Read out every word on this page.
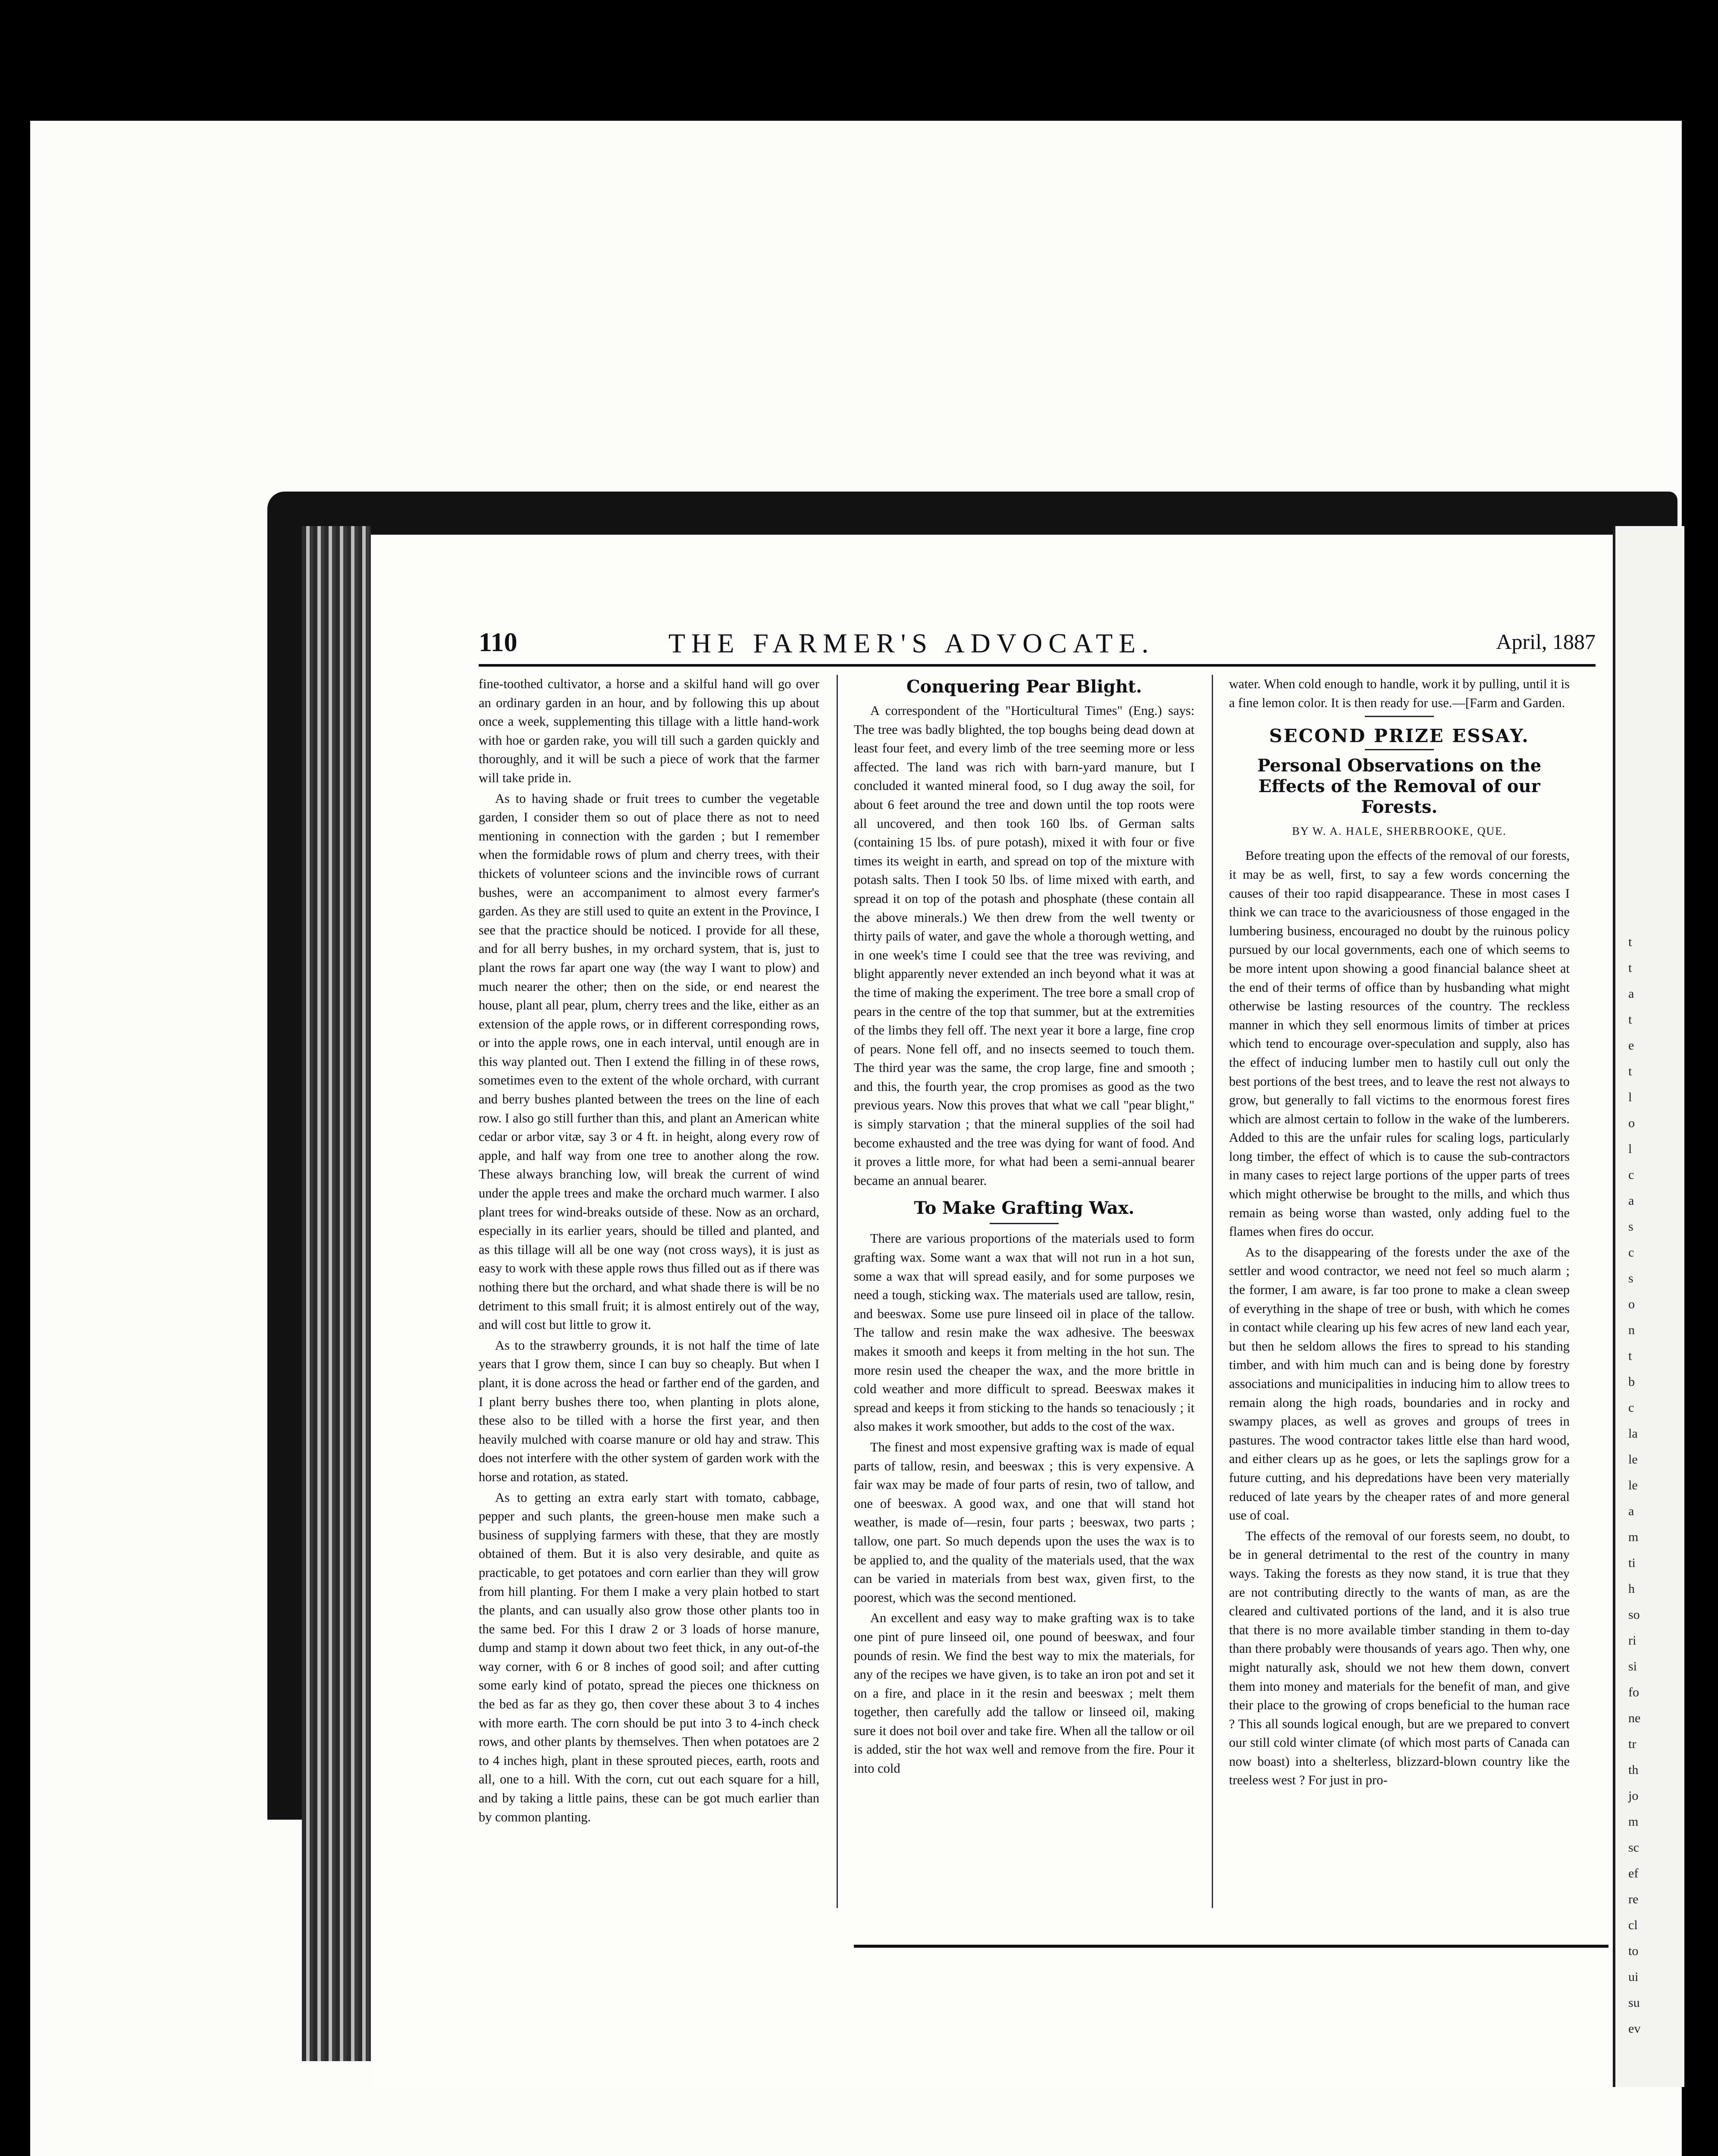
110	THE FARMER'S ADVOCATE.	April, 1887

fine-toothed cultivator, a horse and a skilful hand will go over an ordinary garden in an hour, and by following this up about once a week, supplementing this tillage with a little hand-work with hoe or garden rake, you will till such a garden quickly and thoroughly, and it will be such a piece of work that the farmer will take pride in.

As to having shade or fruit trees to cumber the vegetable garden, I consider them so out of place there as not to need mentioning in connection with the garden ; but I remember when the formidable rows of plum and cherry trees, with their thickets of volunteer scions and the invincible rows of currant bushes, were an accompaniment to almost every farmer's garden. As they are still used to quite an extent in the Province, I see that the practice should be noticed. I provide for all these, and for all berry bushes, in my orchard system, that is, just to plant the rows far apart one way (the way I want to plow) and much nearer the other; then on the side, or end nearest the house, plant all pear, plum, cherry trees and the like, either as an extension of the apple rows, or in different corresponding rows, or into the apple rows, one in each interval, until enough are in this way planted out. Then I extend the filling in of these rows, sometimes even to the extent of the whole orchard, with currant and berry bushes planted between the trees on the line of each row. I also go still further than this, and plant an American white cedar or arbor vitæ, say 3 or 4 ft. in height, along every row of apple, and half way from one tree to another along the row. These always branching low, will break the current of wind under the apple trees and make the orchard much warmer. I also plant trees for wind-breaks outside of these. Now as an orchard, especially in its earlier years, should be tilled and planted, and as this tillage will all be one way (not cross ways), it is just as easy to work with these apple rows thus filled out as if there was nothing there but the orchard, and what shade there is will be no detriment to this small fruit; it is almost entirely out of the way, and will cost but little to grow it.

As to the strawberry grounds, it is not half the time of late years that I grow them, since I can buy so cheaply. But when I plant, it is done across the head or farther end of the garden, and I plant berry bushes there too, when planting in plots alone, these also to be tilled with a horse the first year, and then heavily mulched with coarse manure or old hay and straw. This does not interfere with the other system of garden work with the horse and rotation, as stated.

As to getting an extra early start with tomato, cabbage, pepper and such plants, the green-house men make such a business of supplying farmers with these, that they are mostly obtained of them. But it is also very desirable, and quite as practicable, to get potatoes and corn earlier than they will grow from hill planting. For them I make a very plain hotbed to start the plants, and can usually also grow those other plants too in the same bed. For this I draw 2 or 3 loads of horse manure, dump and stamp it down about two feet thick, in any out-of-the way corner, with 6 or 8 inches of good soil; and after cutting some early kind of potato, spread the pieces one thickness on the bed as far as they go, then cover these about 3 to 4 inches with more earth. The corn should be put into 3 to 4-inch check rows, and other plants by themselves. Then when potatoes are 2 to 4 inches high, plant in these sprouted pieces, earth, roots and all, one to a hill. With the corn, cut out each square for a hill, and by taking a little pains, these can be got much earlier than by common planting.

Conquering Pear Blight.

A correspondent of the "Horticultural Times" (Eng.) says: The tree was badly blighted, the top boughs being dead down at least four feet, and every limb of the tree seeming more or less affected. The land was rich with barn-yard manure, but I concluded it wanted mineral food, so I dug away the soil, for about 6 feet around the tree and down until the top roots were all uncovered, and then took 160 lbs. of German salts (containing 15 lbs. of pure potash), mixed it with four or five times its weight in earth, and spread on top of the mixture with potash salts. Then I took 50 lbs. of lime mixed with earth, and spread it on top of the potash and phosphate (these contain all the above minerals.) We then drew from the well twenty or thirty pails of water, and gave the whole a thorough wetting, and in one week's time I could see that the tree was reviving, and blight apparently never extended an inch beyond what it was at the time of making the experiment. The tree bore a small crop of pears in the centre of the top that summer, but at the extremities of the limbs they fell off. The next year it bore a large, fine crop of pears. None fell off, and no insects seemed to touch them. The third year was the same, the crop large, fine and smooth ; and this, the fourth year, the crop promises as good as the two previous years. Now this proves that what we call "pear blight," is simply starvation ; that the mineral supplies of the soil had become exhausted and the tree was dying for want of food. And it proves a little more, for what had been a semi-annual bearer became an annual bearer.

To Make Grafting Wax.

There are various proportions of the materials used to form grafting wax. Some want a wax that will not run in a hot sun, some a wax that will spread easily, and for some purposes we need a tough, sticking wax. The materials used are tallow, resin, and beeswax. Some use pure linseed oil in place of the tallow. The tallow and resin make the wax adhesive. The beeswax makes it smooth and keeps it from melting in the hot sun. The more resin used the cheaper the wax, and the more brittle in cold weather and more difficult to spread. Beeswax makes it spread and keeps it from sticking to the hands so tenaciously ; it also makes it work smoother, but adds to the cost of the wax.

The finest and most expensive grafting wax is made of equal parts of tallow, resin, and beeswax ; this is very expensive. A fair wax may be made of four parts of resin, two of tallow, and one of beeswax. A good wax, and one that will stand hot weather, is made of—resin, four parts ; beeswax, two parts ; tallow, one part. So much depends upon the uses the wax is to be applied to, and the quality of the materials used, that the wax can be varied in materials from best wax, given first, to the poorest, which was the second mentioned.

An excellent and easy way to make grafting wax is to take one pint of pure linseed oil, one pound of beeswax, and four pounds of resin. We find the best way to mix the materials, for any of the recipes we have given, is to take an iron pot and set it on a fire, and place in it the resin and beeswax ; melt them together, then carefully add the tallow or linseed oil, making sure it does not boil over and take fire. When all the tallow or oil is added, stir the hot wax well and remove from the fire. Pour it into cold

water. When cold enough to handle, work it by pulling, until it is a fine lemon color. It is then ready for use.—[Farm and Garden.

SECOND PRIZE ESSAY.
Personal Observations on the Effects of the Removal of our Forests.
BY W. A. HALE, SHERBROOKE, QUE.

Before treating upon the effects of the removal of our forests, it may be as well, first, to say a few words concerning the causes of their too rapid disappearance. These in most cases I think we can trace to the avariciousness of those engaged in the lumbering business, encouraged no doubt by the ruinous policy pursued by our local governments, each one of which seems to be more intent upon showing a good financial balance sheet at the end of their terms of office than by husbanding what might otherwise be lasting resources of the country. The reckless manner in which they sell enormous limits of timber at prices which tend to encourage over-speculation and supply, also has the effect of inducing lumber men to hastily cull out only the best portions of the best trees, and to leave the rest not always to grow, but generally to fall victims to the enormous forest fires which are almost certain to follow in the wake of the lumberers. Added to this are the unfair rules for scaling logs, particularly long timber, the effect of which is to cause the sub-contractors in many cases to reject large portions of the upper parts of trees which might otherwise be brought to the mills, and which thus remain as being worse than wasted, only adding fuel to the flames when fires do occur.

As to the disappearing of the forests under the axe of the settler and wood contractor, we need not feel so much alarm ; the former, I am aware, is far too prone to make a clean sweep of everything in the shape of tree or bush, with which he comes in contact while clearing up his few acres of new land each year, but then he seldom allows the fires to spread to his standing timber, and with him much can and is being done by forestry associations and municipalities in inducing him to allow trees to remain along the high roads, boundaries and in rocky and swampy places, as well as groves and groups of trees in pastures. The wood contractor takes little else than hard wood, and either clears up as he goes, or lets the saplings grow for a future cutting, and his depredations have been very materially reduced of late years by the cheaper rates of and more general use of coal.

The effects of the removal of our forests seem, no doubt, to be in general detrimental to the rest of the country in many ways. Taking the forests as they now stand, it is true that they are not contributing directly to the wants of man, as are the cleared and cultivated portions of the land, and it is also true that there is no more available timber standing in them to-day than there probably were thousands of years ago. Then why, one might naturally ask, should we not hew them down, convert them into money and materials for the benefit of man, and give their place to the growing of crops beneficial to the human race ? This all sounds logical enough, but are we prepared to convert our still cold winter climate (of which most parts of Canada can now boast) into a shelterless, blizzard-blown country like the treeless west ? For just in pro-

t
t
a
t
e
t
l
o
l
c
a
s
c
s
o
n
t
b
c
la
le
le
a
m
ti
h
so
ri
si
fo
ne
tr
th
jo
m
sc
ef
re
cl
to
ui
su
ev
